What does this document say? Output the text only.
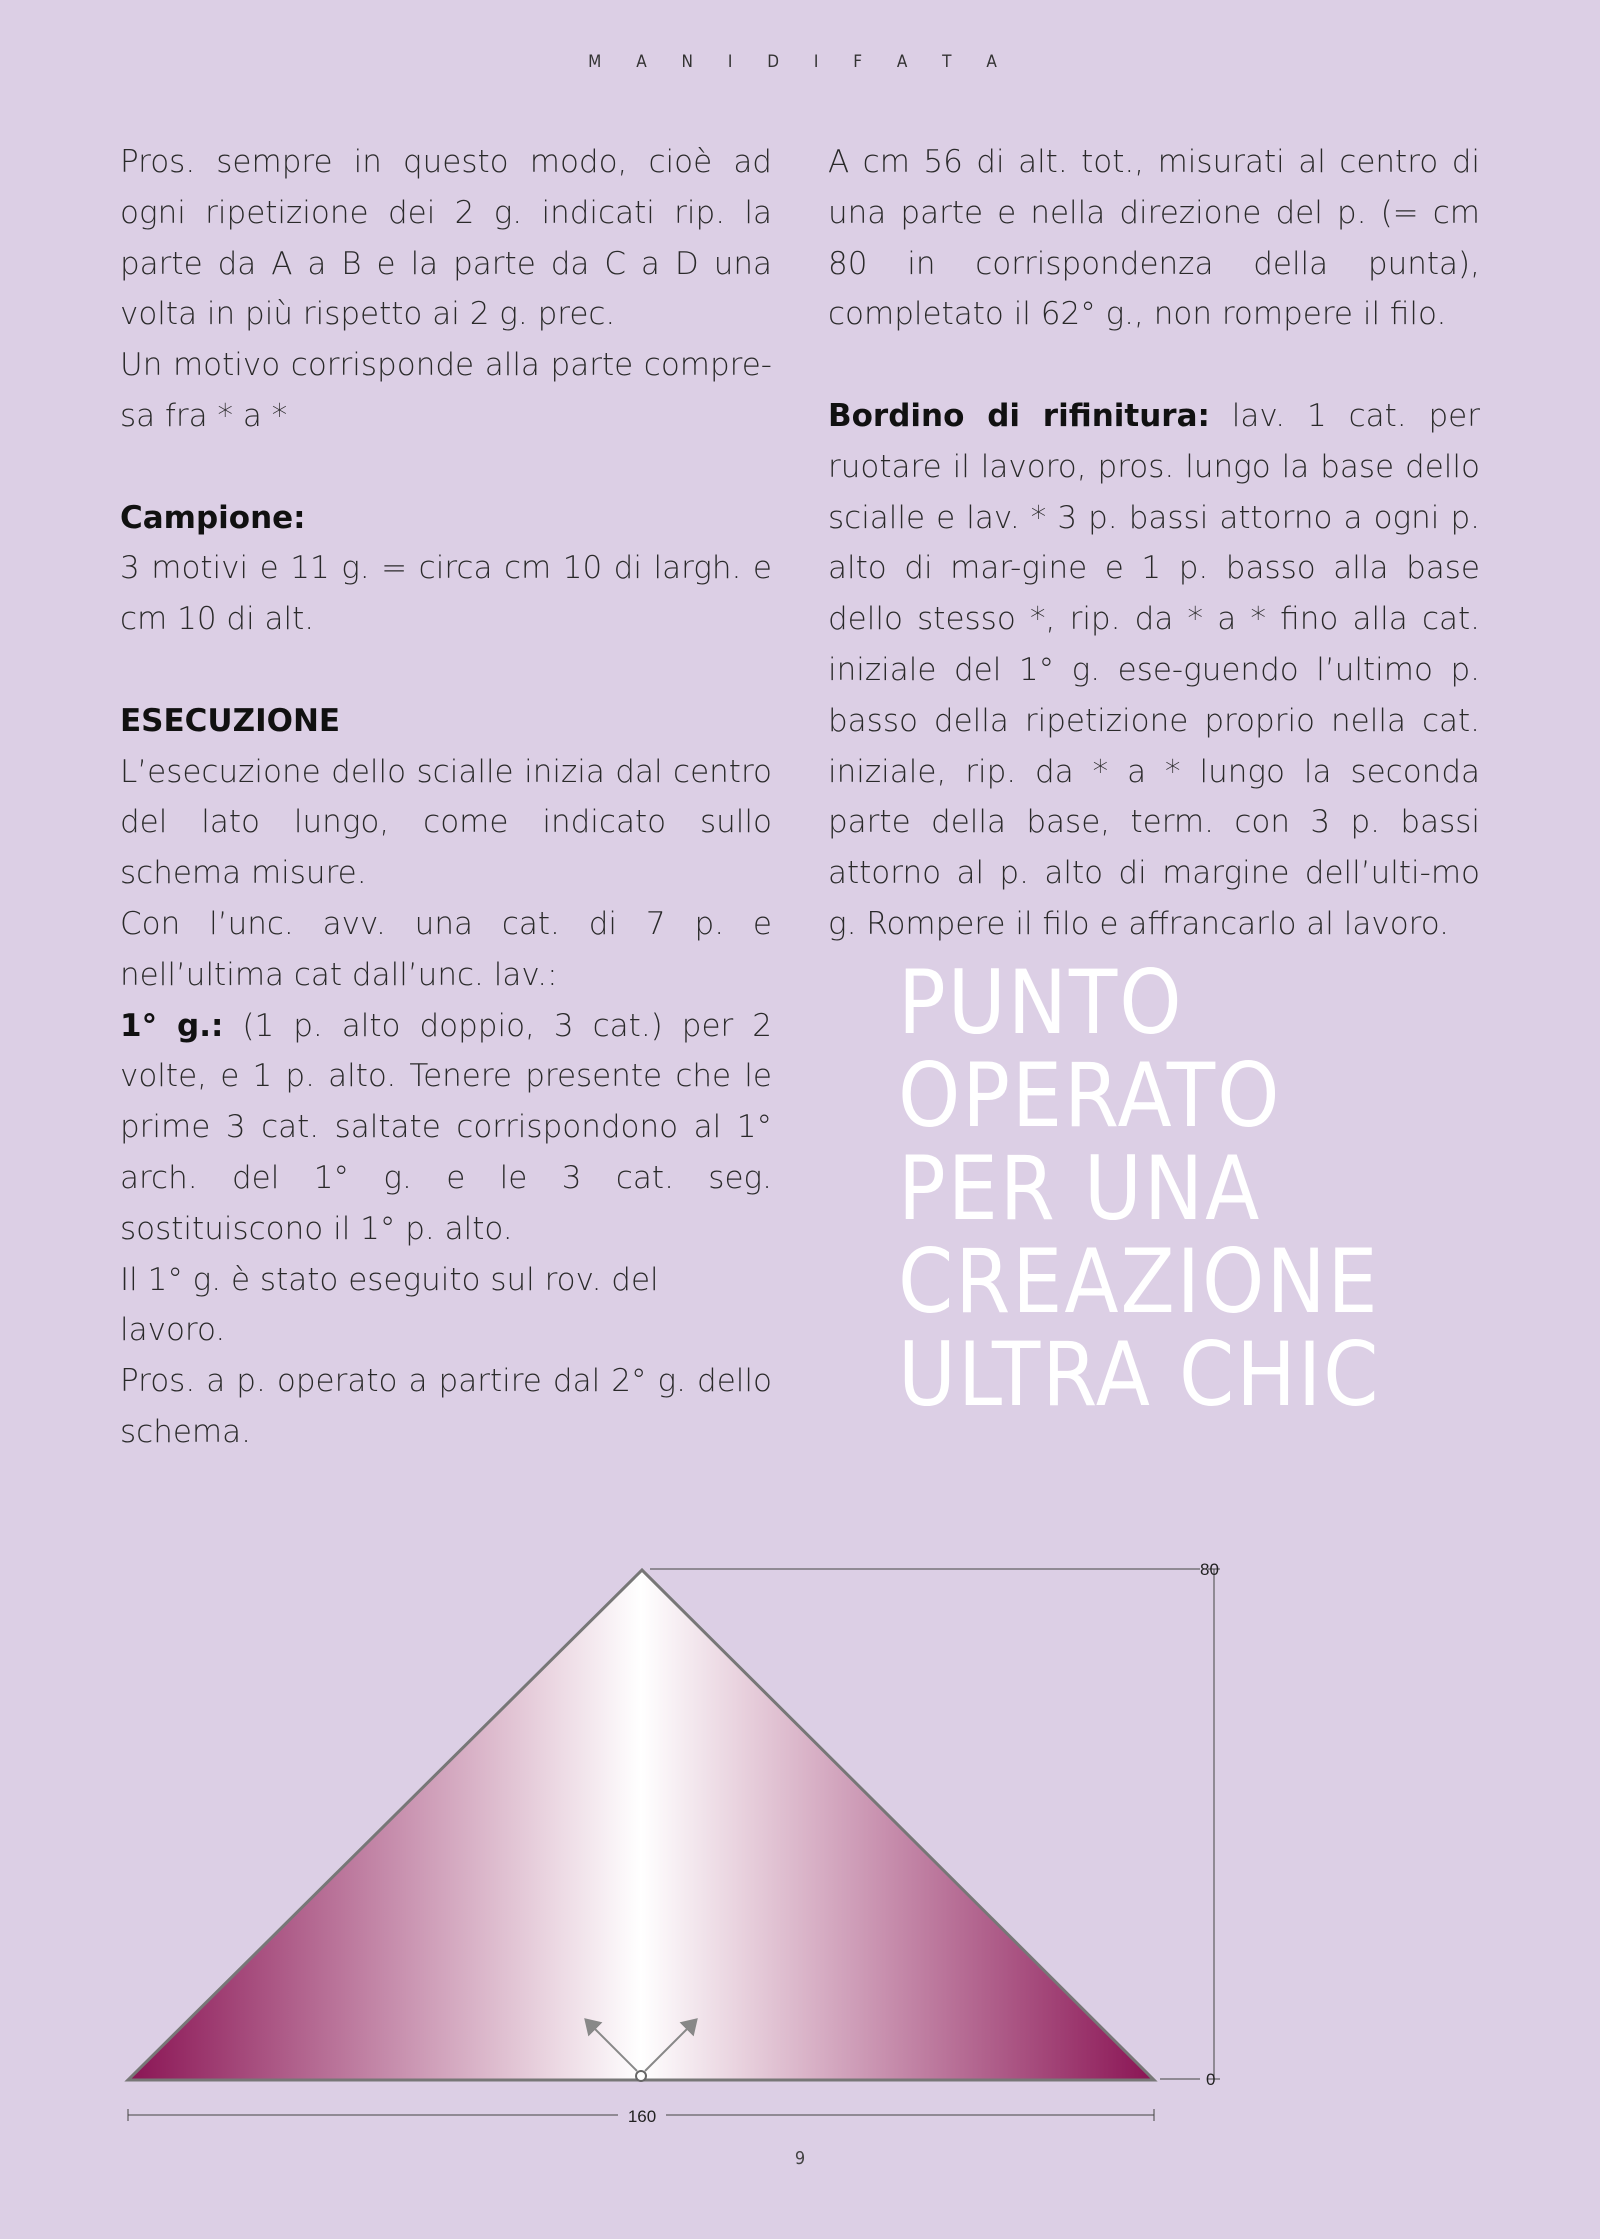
M A N I D I F A T A

Pros. sempre in questo modo, cioè ad ogni ripetizione dei 2 g. indicati rip. la parte da A a B e la parte da C a D una volta in più rispetto ai 2 g. prec.

Un motivo corrisponde alla parte compre-sa fra * a *

Campione:

3 motivi e 11 g. = circa cm 10 di largh. e cm 10 di alt.

ESECUZIONE

L’esecuzione dello scialle inizia dal centro del lato lungo, come indicato sullo schema misure.

Con l’unc. avv. una cat. di 7 p. e nell’ultima cat dall’unc. lav.:

1° g.: (1 p. alto doppio, 3 cat.) per 2 volte, e 1 p. alto. Tenere presente che le prime 3 cat. saltate corrispondono al 1° arch. del 1° g. e le 3 cat. seg. sostituiscono il 1° p. alto.

Il 1° g. è stato eseguito sul rov. del lavoro.

Pros. a p. operato a partire dal 2° g. dello schema.

A cm 56 di alt. tot., misurati al centro di una parte e nella direzione del p. (= cm 80 in corrispondenza della punta), completato il 62° g., non rompere il filo.

Bordino di rifinitura: lav. 1 cat. per ruotare il lavoro, pros. lungo la base dello scialle e lav. * 3 p. bassi attorno a ogni p. alto di mar-gine e 1 p. basso alla base dello stesso *, rip. da * a * fino alla cat. iniziale del 1° g. ese-guendo l’ultimo p. basso della ripetizione proprio nella cat. iniziale, rip. da * a * lungo la seconda parte della base, term. con 3 p. bassi attorno al p. alto di margine dell’ulti-mo g. Rompere il filo e affrancarlo al lavoro.

PUNTO
OPERATO
PER UNA
CREAZIONE
ULTRA CHIC
80
0
160
9
